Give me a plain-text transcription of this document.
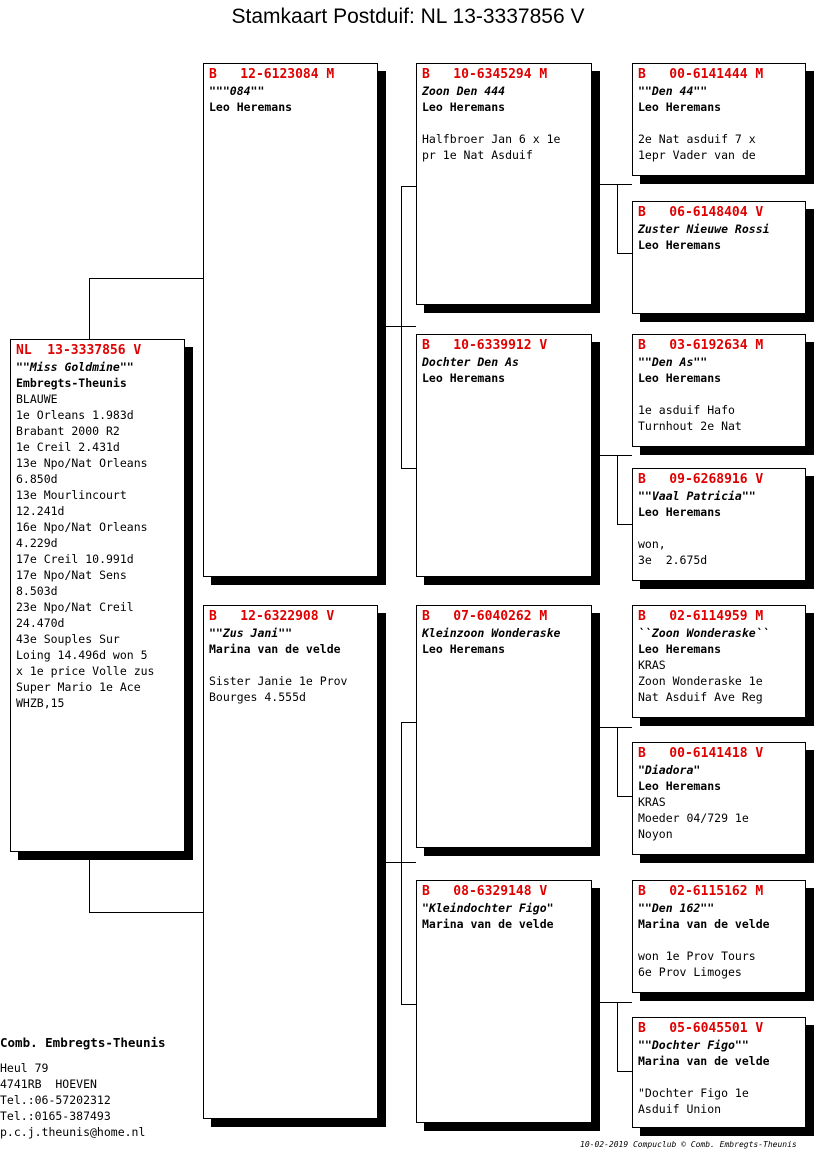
Stamkaart Postduif: NL 13-3337856 V
NL  13-3337856 V
""Miss Goldmine""
Embregts-Theunis
BLAUWE
1e Orleans 1.983d
Brabant 2000 R2
1e Creil 2.431d
13e Npo/Nat Orleans
6.850d
13e Mourlincourt
12.241d
16e Npo/Nat Orleans
4.229d
17e Creil 10.991d
17e Npo/Nat Sens
8.503d
23e Npo/Nat Creil
24.470d
43e Souples Sur
Loing 14.496d won 5
x 1e price Volle zus
Super Mario 1e Ace
WHZB,15
B   12-6123084 M
"""084""
Leo Heremans
B   12-6322908 V
""Zus Jani""
Marina van de velde
Sister Janie 1e Prov
Bourges 4.555d
B   10-6345294 M
Zoon Den 444
Leo Heremans
Halfbroer Jan 6 x 1e
pr 1e Nat Asduif
B   10-6339912 V
Dochter Den As
Leo Heremans
B   07-6040262 M
Kleinzoon Wonderaske
Leo Heremans
B   08-6329148 V
"Kleindochter Figo"
Marina van de velde
B   00-6141444 M
""Den 44""
Leo Heremans
2e Nat asduif 7 x
1epr Vader van de
B   06-6148404 V
Zuster Nieuwe Rossi
Leo Heremans
B   03-6192634 M
""Den As""
Leo Heremans
1e asduif Hafo
Turnhout 2e Nat
B   09-6268916 V
""Vaal Patricia""
Leo Heremans
won,
3e  2.675d
B   02-6114959 M
``Zoon Wonderaske``
Leo Heremans
KRAS
Zoon Wonderaske 1e
Nat Asduif Ave Reg
B   00-6141418 V
"Diadora"
Leo Heremans
KRAS
Moeder 04/729 1e
Noyon
B   02-6115162 M
""Den 162""
Marina van de velde
won 1e Prov Tours
6e Prov Limoges
B   05-6045501 V
""Dochter Figo""
Marina van de velde
"Dochter Figo 1e
Asduif Union
Comb. Embregts-Theunis
Heul 79
4741RB  HOEVEN
Tel.:06-57202312
Tel.:0165-387493
p.c.j.theunis@home.nl
10-02-2019 Compuclub © Comb. Embregts-Theunis
